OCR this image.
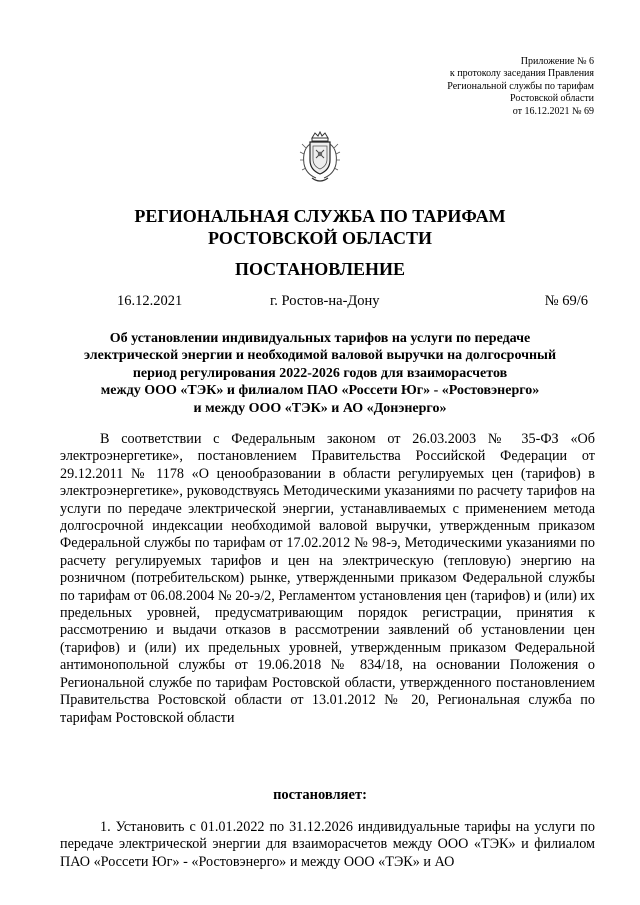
Приложение № 6
к протоколу заседания Правления
Региональной службы по тарифам
Ростовской области
от 16.12.2021 № 69
РЕГИОНАЛЬНАЯ СЛУЖБА ПО ТАРИФАМ
РОСТОВСКОЙ ОБЛАСТИ
ПОСТАНОВЛЕНИЕ
16.12.2021	г. Ростов-на-Дону	№ 69/6
Об установлении индивидуальных тарифов на услуги по передаче
электрической энергии и необходимой валовой выручки на долгосрочный
период регулирования 2022-2026 годов для взаиморасчетов
между ООО «ТЭК» и филиалом ПАО «Россети Юг» - «Ростовэнерго»
и между ООО «ТЭК» и АО «Донэнерго»

В соответствии с Федеральным законом от 26.03.2003 № 35-ФЗ «Об электроэнергетике», постановлением Правительства Российской Федерации от 29.12.2011 № 1178 «О ценообразовании в области регулируемых цен (тарифов) в электроэнергетике», руководствуясь Методическими указаниями по расчету тарифов на услуги по передаче электрической энергии, устанавливаемых с применением метода долгосрочной индексации необходимой валовой выручки, утвержденным приказом Федеральной службы по тарифам от 17.02.2012 № 98-э, Методическими указаниями по расчету регулируемых тарифов и цен на электрическую (тепловую) энергию на розничном (потребительском) рынке, утвержденными приказом Федеральной службы по тарифам от 06.08.2004 № 20-э/2, Регламентом установления цен (тарифов) и (или) их предельных уровней, предусматривающим порядок регистрации, принятия к рассмотрению и выдачи отказов в рассмотрении заявлений об установлении цен (тарифов) и (или) их предельных уровней, утвержденным приказом Федеральной антимонопольной службы от 19.06.2018 № 834/18, на основании Положения о Региональной службе по тарифам Ростовской области, утвержденного постановлением Правительства Ростовской области от 13.01.2012 № 20, Региональная служба по тарифам Ростовской области

постановляет:

1. Установить с 01.01.2022 по 31.12.2026 индивидуальные тарифы на услуги по передаче электрической энергии для взаиморасчетов между ООО «ТЭК» и филиалом ПАО «Россети Юг» - «Ростовэнерго» и между ООО «ТЭК» и АО
